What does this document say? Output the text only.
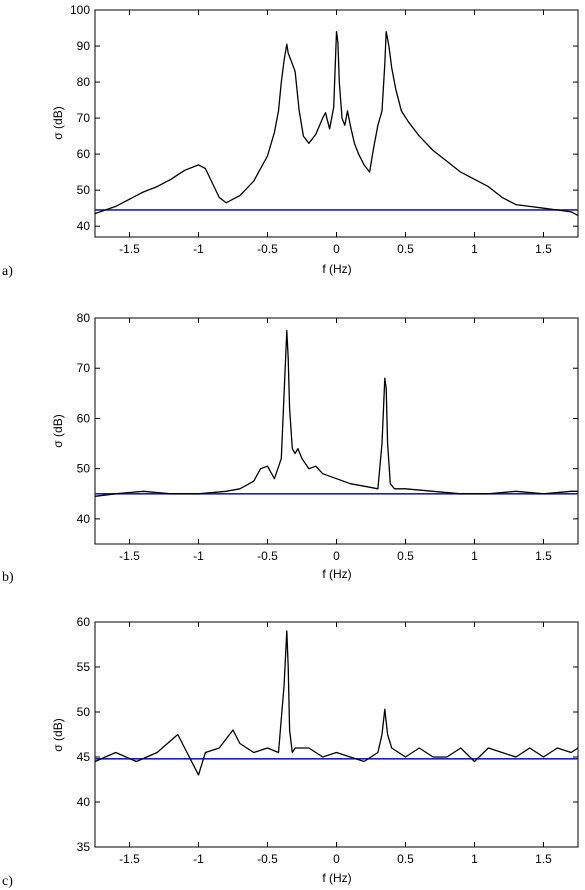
-1.5	-1	-0.5	0	0.5	1	1.5
40
50
60
70
80
90
100
f (Hz)
σ (dB)
a)
-1.5	-1	-0.5	0	0.5	1	1.5
40
50
60
70
80
f (Hz)
σ (dB)
b)
-1.5	-1	-0.5	0	0.5	1	1.5
35
40
45
50
55
60
f (Hz)
σ (dB)
c)
